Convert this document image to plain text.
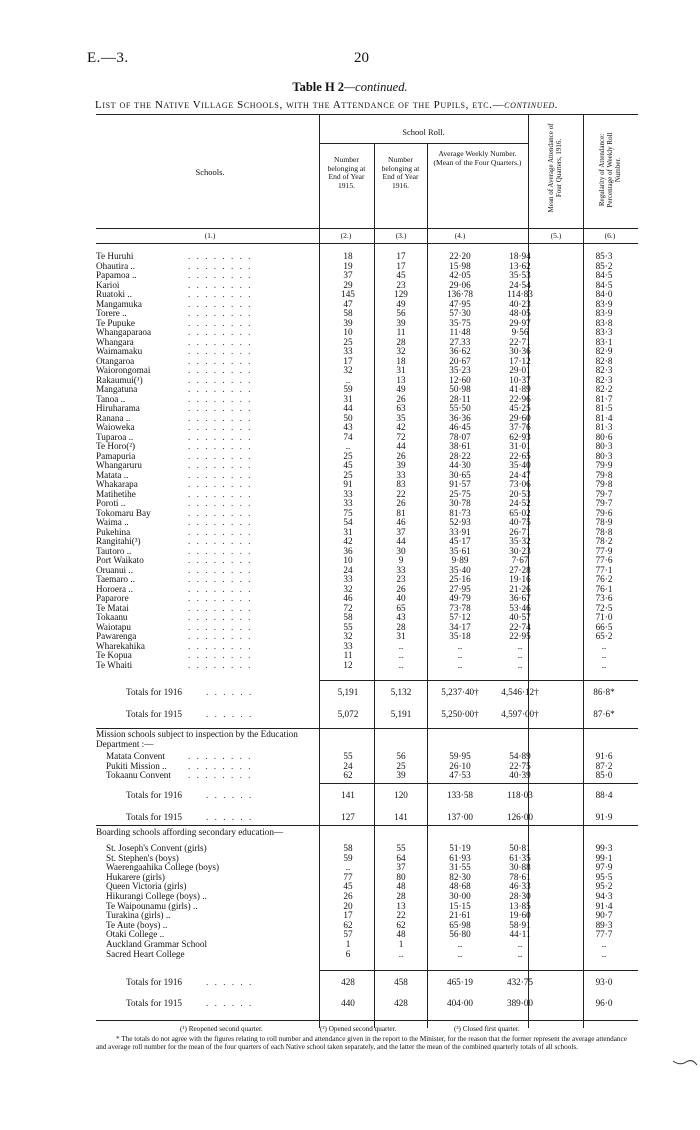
E.—3.	20
Table H 2—continued.
List of the Native Village Schools, with the Attendance of the Pupils, etc.—continued.
Schools.
School Roll.
Number belonging at End of Year 1915.
Number belonging at End of Year 1916.
Average Weekly Number. (Mean of the Four Quarters.)	Mean of Average Attendance of Four Quarters, 1916.	Regularity of Attendance: Percentage of Weekly Roll Number.
(1.)	(2.)	(3.)	(4.)	(5.)	(6.)
Mission schools subject to inspection by the Education Department :—
Boarding schools affording secondary education—
Te Huruhi	18	17	22·20	18·94	85·3
. . . . . . . .
Ohautira ..	19	17	15·98	13·62	85·2
. . . . . . . .
Papamoa ..	37	45	42·05	35·53	84·5
. . . . . . . .
Karioi	29	23	29·06	24·54	84·5
. . . . . . . .
Ruatoki ..	145	129	136·78	114·83	84·0
. . . . . . . .
Mangamuka	47	49	47·95	40·23	83·9
. . . . . . . .
Torere ..	58	56	57·30	48·05	83·9
. . . . . . . .
Te Pupuke	39	39	35·75	29·97	83·8
. . . . . . . .
Whangaparaoa	10	11	11·48	9·56	83·3
. . . . . . . .
Whangara	25	28	27.33	22·71	83·1
. . . . . . . .
Waimamaku	33	32	36·62	30·36	82·9
. . . . . . . .
Otangaroa	17	18	20·67	17·12	82·8
. . . . . . . .
Waiorongomai	32	31	35·23	29·01	82·3
. . . . . . . .
Rakaumui(¹)	..	13	12·60	10·37	82·3
. . . . . . . .
Mangatuna	59	49	50·98	41·89	82·2
. . . . . . . .
Tanoa ..	31	26	28·11	22·96	81·7
. . . . . . . .
Hiruharama	44	63	55·50	45·25	81·5
. . . . . . . .
Ranana ..	50	35	36·36	29·60	81·4
. . . . . . . .
Waioweka	43	42	46·45	37·76	81·3
. . . . . . . .
Tuparoa ..	74	72	78·07	62·93	80·6
. . . . . . . .
Te Horo(²)	..	44	38·61	31·01	80·3
. . . . . . . .
Pamapuria	25	26	28·22	22·65	80·3
. . . . . . . .
Whangaruru	45	39	44·30	35·40	79·9
. . . . . . . .
Matata ..	25	33	30·65	24·47	79·8
. . . . . . . .
Whakarapa	91	83	91·57	73·06	79·8
. . . . . . . .
Matihetihe	33	22	25·75	20·53	79·7
. . . . . . . .
Poroti ..	33	26	30·78	24·52	79·7
. . . . . . . .
Tokomaru Bay	75	81	81·73	65·02	79·6
. . . . . . . .
Waima ..	54	46	52·93	40·75	78·9
. . . . . . . .
Pukehina	31	37	33·91	26·71	78·8
. . . . . . . .
Rangitahi(³)	42	44	45·17	35·32	78·2
. . . . . . . .
Tautoro ..	36	30	35·61	30·23	77·9
. . . . . . . .
Port Waikato	10	9	9·89	7·67	77·6
. . . . . . . .
Oruanui ..	24	33	35·40	27·28	77·1
. . . . . . . .
Taemaro ..	33	23	25·16	19·16	76·2
. . . . . . . .
Horoera ..	32	26	27·95	21·26	76·1
. . . . . . . .
Paparore	46	40	49·79	36·67	73·6
. . . . . . . .
Te Matai	72	65	73·78	53·46	72·5
. . . . . . . .
Tokaanu	58	43	57·12	40·57	71·0
. . . . . . . .
Waiotapu	55	28	34·17	22·74	66·5
. . . . . . . .
Pawarenga	32	31	35·18	22·95	65·2
. . . . . . . .
Wharekahika	33	..	..	..	..
. . . . . . . .
Te Kopua	11	..	..	..	..
. . . . . . . .
Te Whaiti	12	..	..	..	..
. . . . . . . .
Totals for 1916	5,191	5,132	5,237·40†	4,546·12†	86·8*
. . . . . .
Totals for 1915	5,072	5,191	5,250·00†	4,597·00†	87·6*
. . . . . .
Matata Convent	55	56	59·95	54·89	91·6
. . . . . . . .
Pukiti Mission ..	24	25	26·10	22·75	87·2
. . . . . . . .
Tokaanu Convent	62	39	47·53	40·39	85·0
. . . . . . . .
Totals for 1916	141	120	133·58	118·03	88·4
. . . . . .
Totals for 1915	127	141	137·00	126·00	91·9
. . . . . .
St. Joseph's Convent (girls)	58	55	51·19	50·81	99·3
St. Stephen's (boys)	59	64	61·93	61·35	99·1
Waerengaahika College (boys)	..	37	31·55	30·88	97·9
Hukarere (girls)	77	80	82·30	78·61	95·5
Queen Victoria (girls)	45	48	48·68	46·33	95·2
Hikurangi College (boys) ..	26	28	30·00	28·30	94·3
Te Waipounamu (girls) ..	20	13	15·15	13·85	91·4
Turakina (girls) ..	17	22	21·61	19·60	90·7
Te Aute (boys) ..	62	62	65·98	58·91	89·3
Otaki College ..	57	48	56·80	44·11	77·7
Auckland Grammar School	1	1	..	..	..
Sacred Heart College	6	..	..	..	..
Totals for 1916	428	458	465·19	432·75	93·0
. . . . . .
Totals for 1915	440	428	404·00	389·00	96·0
. . . . . .
(¹) Reopened second quarter.	(²) Opened second quarter.	(³) Closed first quarter.
* The totals do not agree with the figures relating to roll number and attendance given in the report to the Minister, for the reason that the former represent the average attendance and average roll number for the mean of the four quarters of each Native school taken separately, and the latter the mean of the combined quarterly totals of all schools.
